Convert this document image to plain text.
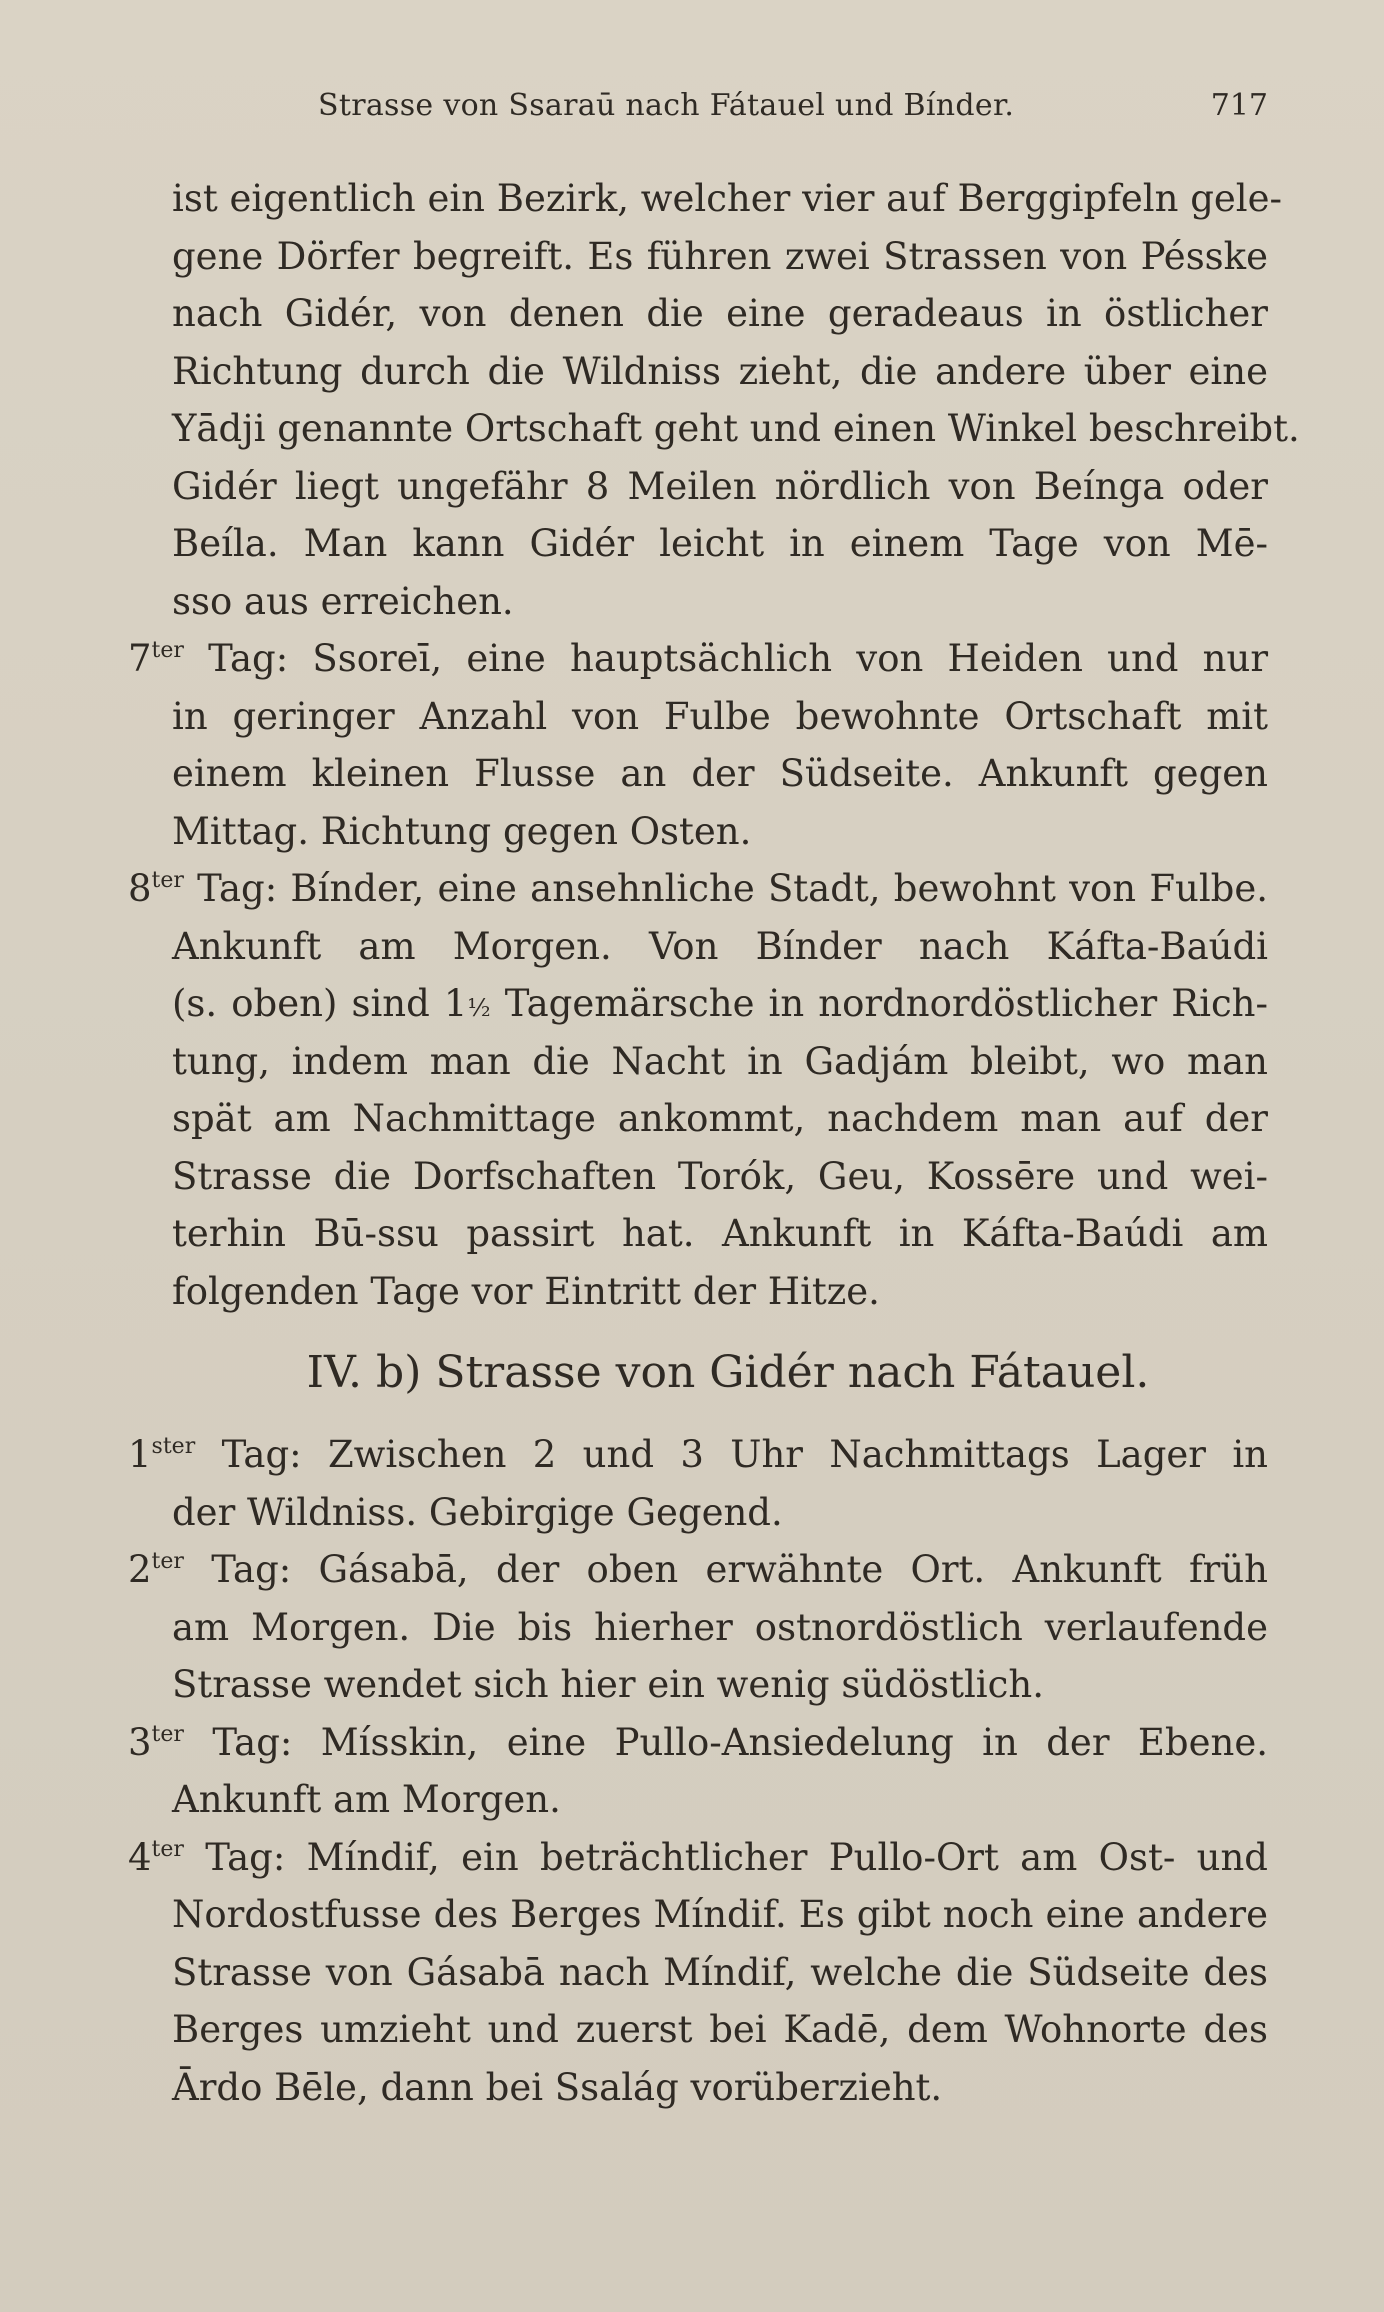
Strasse von Ssaraū nach Fátauel und Bínder.	717
ist eigentlich ein Bezirk, welcher vier auf Berggipfeln gele-
gene Dörfer begreift. Es führen zwei Strassen von Pésske
nach Gidér, von denen die eine geradeaus in östlicher
Richtung durch die Wildniss zieht, die andere über eine
Yādji genannte Ortschaft geht und einen Winkel beschreibt.
Gidér liegt ungefähr 8 Meilen nördlich von Beínga oder
Beíla. Man kann Gidér leicht in einem Tage von Mē-
sso aus erreichen.
$7^{ter}$ Tag: Ssoreī, eine hauptsächlich von Heiden und nur
in geringer Anzahl von Fulbe bewohnte Ortschaft mit
einem kleinen Flusse an der Südseite. Ankunft gegen
Mittag. Richtung gegen Osten.
$8^{ter}$ Tag: Bínder, eine ansehnliche Stadt, bewohnt von Fulbe.
Ankunft am Morgen. Von Bínder nach Káfta-Baúdi
(s. oben) sind 1½ Tagemärsche in nordnordöstlicher Rich-
tung, indem man die Nacht in Gadjám bleibt, wo man
spät am Nachmittage ankommt, nachdem man auf der
Strasse die Dorfschaften Torók, Geu, Kossēre und wei-
terhin Bū-ssu passirt hat. Ankunft in Káfta-Baúdi am
folgenden Tage vor Eintritt der Hitze.
IV. b) Strasse von Gidér nach Fátauel.
$1^{ster}$ Tag: Zwischen 2 und 3 Uhr Nachmittags Lager in
der Wildniss. Gebirgige Gegend.
$2^{ter}$ Tag: Gásabā, der oben erwähnte Ort. Ankunft früh
am Morgen. Die bis hierher ostnordöstlich verlaufende
Strasse wendet sich hier ein wenig südöstlich.
$3^{ter}$ Tag: Mísskin, eine Pullo-Ansiedelung in der Ebene.
Ankunft am Morgen.
$4^{ter}$ Tag: Míndif, ein beträchtlicher Pullo-Ort am Ost- und
Nordostfusse des Berges Míndif. Es gibt noch eine andere
Strasse von Gásabā nach Míndif, welche die Südseite des
Berges umzieht und zuerst bei Kadē, dem Wohnorte des
Ārdo Bēle, dann bei Ssalág vorüberzieht.
